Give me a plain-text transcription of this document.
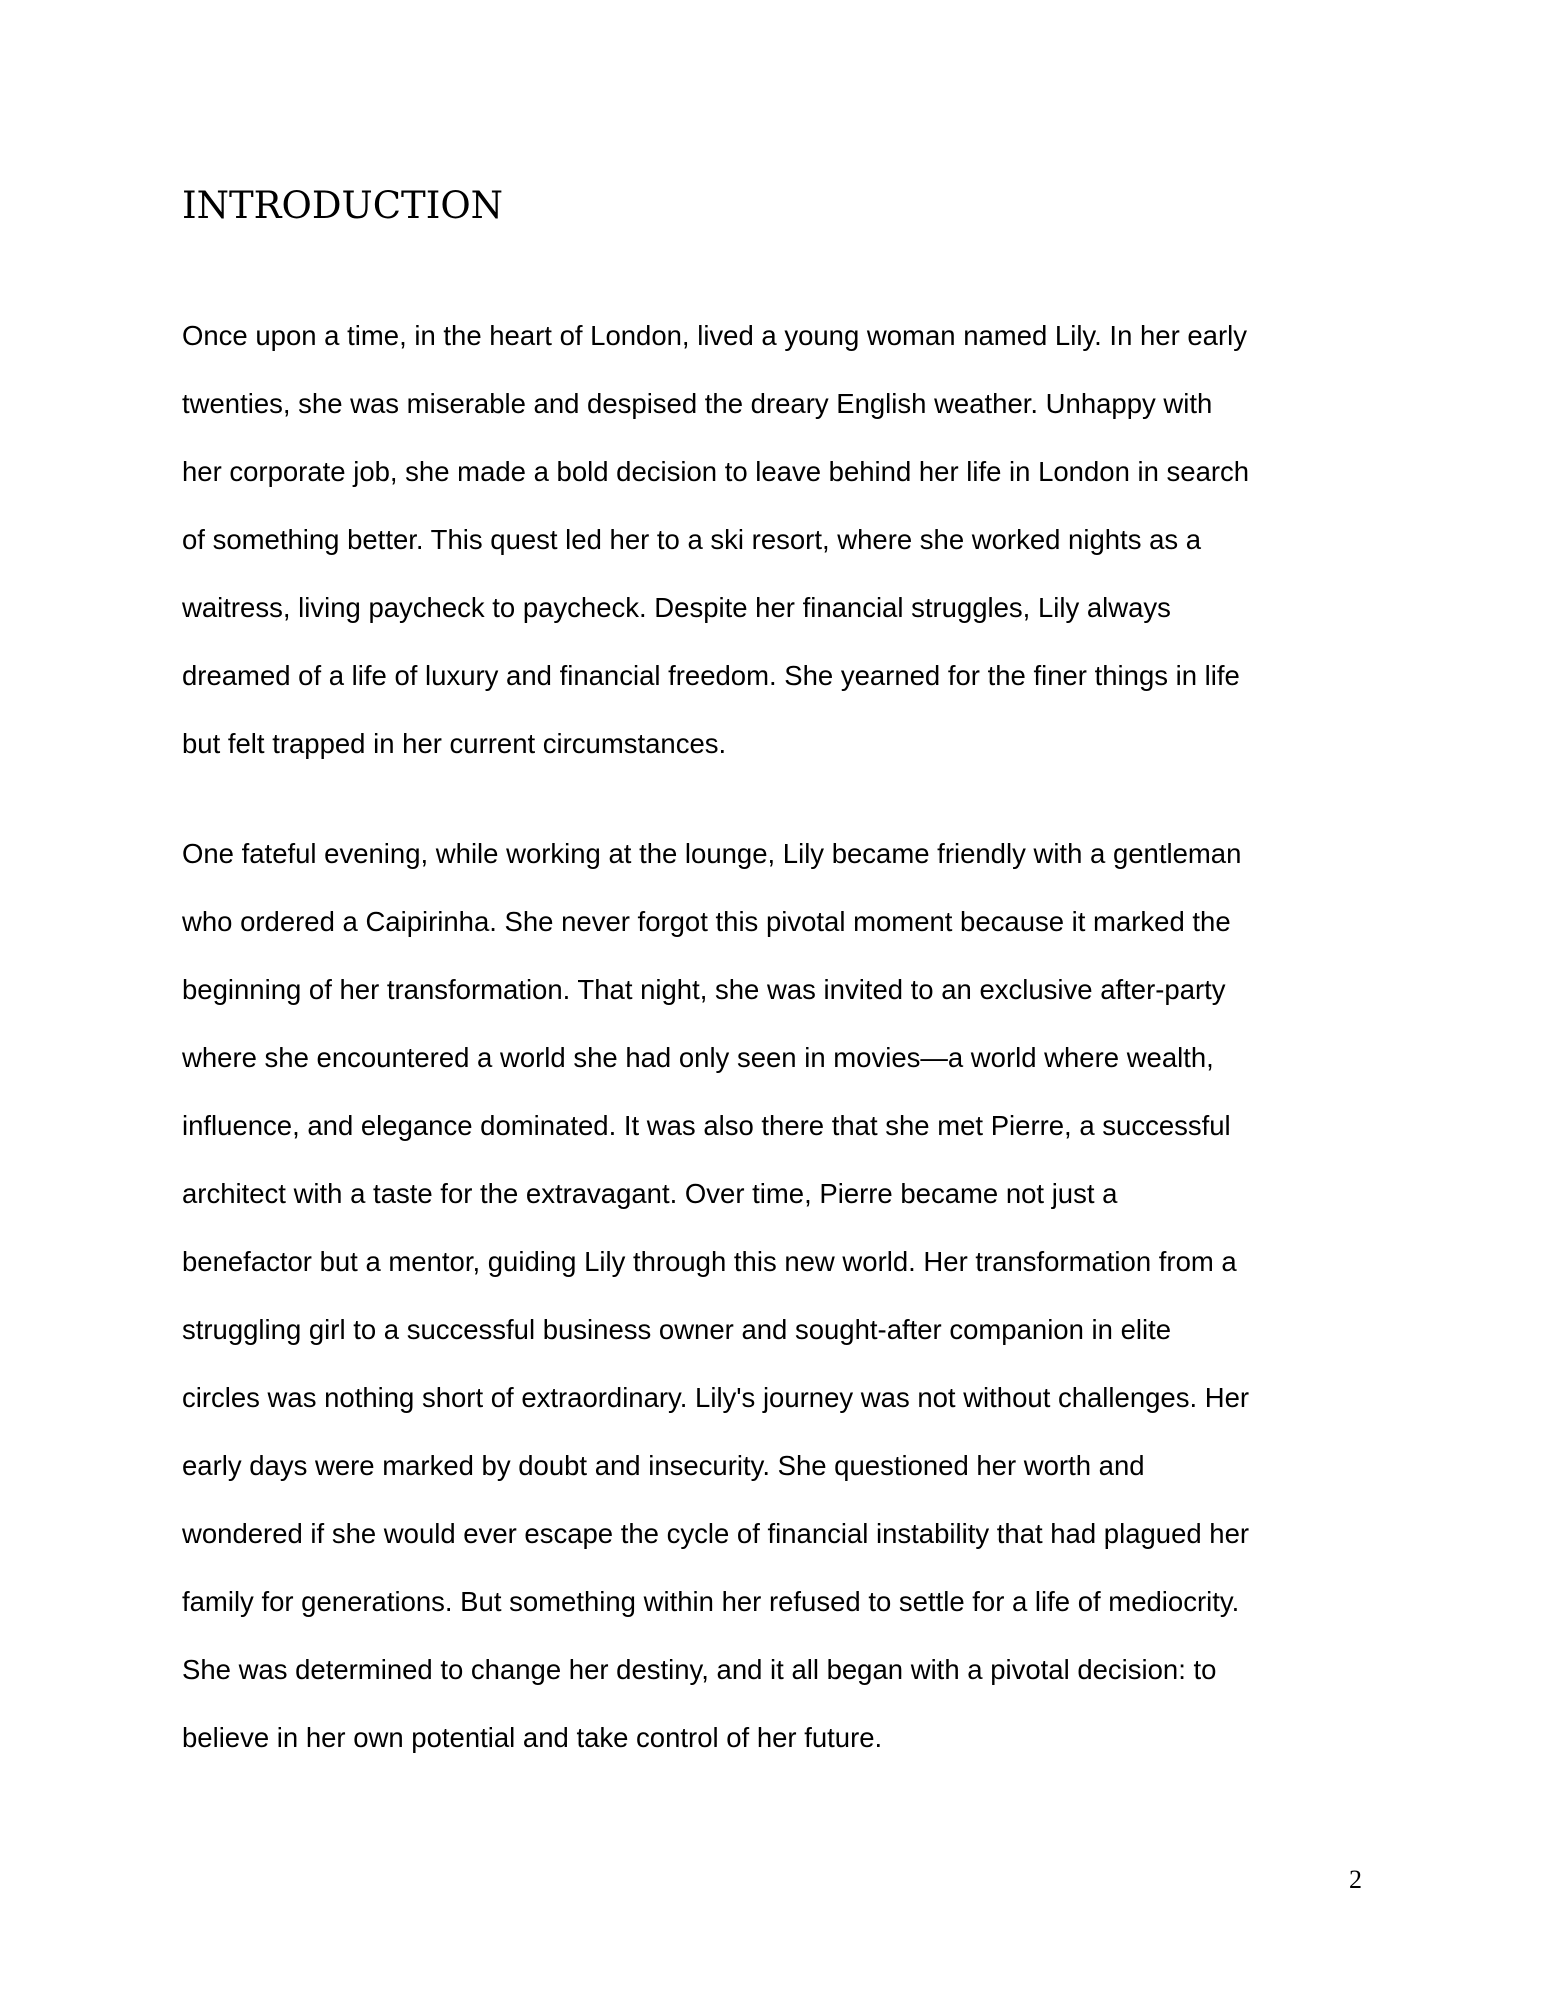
INTRODUCTION
Once upon a time, in the heart of London, lived a young woman named Lily. In her early
twenties, she was miserable and despised the dreary English weather. Unhappy with
her corporate job, she made a bold decision to leave behind her life in London in search
of something better. This quest led her to a ski resort, where she worked nights as a
waitress, living paycheck to paycheck. Despite her financial struggles, Lily always
dreamed of a life of luxury and financial freedom. She yearned for the finer things in life
but felt trapped in her current circumstances.
One fateful evening, while working at the lounge, Lily became friendly with a gentleman
who ordered a Caipirinha. She never forgot this pivotal moment because it marked the
beginning of her transformation. That night, she was invited to an exclusive after-party
where she encountered a world she had only seen in movies—a world where wealth,
influence, and elegance dominated. It was also there that she met Pierre, a successful
architect with a taste for the extravagant. Over time, Pierre became not just a
benefactor but a mentor, guiding Lily through this new world. Her transformation from a
struggling girl to a successful business owner and sought-after companion in elite
circles was nothing short of extraordinary. Lily's journey was not without challenges. Her
early days were marked by doubt and insecurity. She questioned her worth and
wondered if she would ever escape the cycle of financial instability that had plagued her
family for generations. But something within her refused to settle for a life of mediocrity.
She was determined to change her destiny, and it all began with a pivotal decision: to
believe in her own potential and take control of her future.
2
